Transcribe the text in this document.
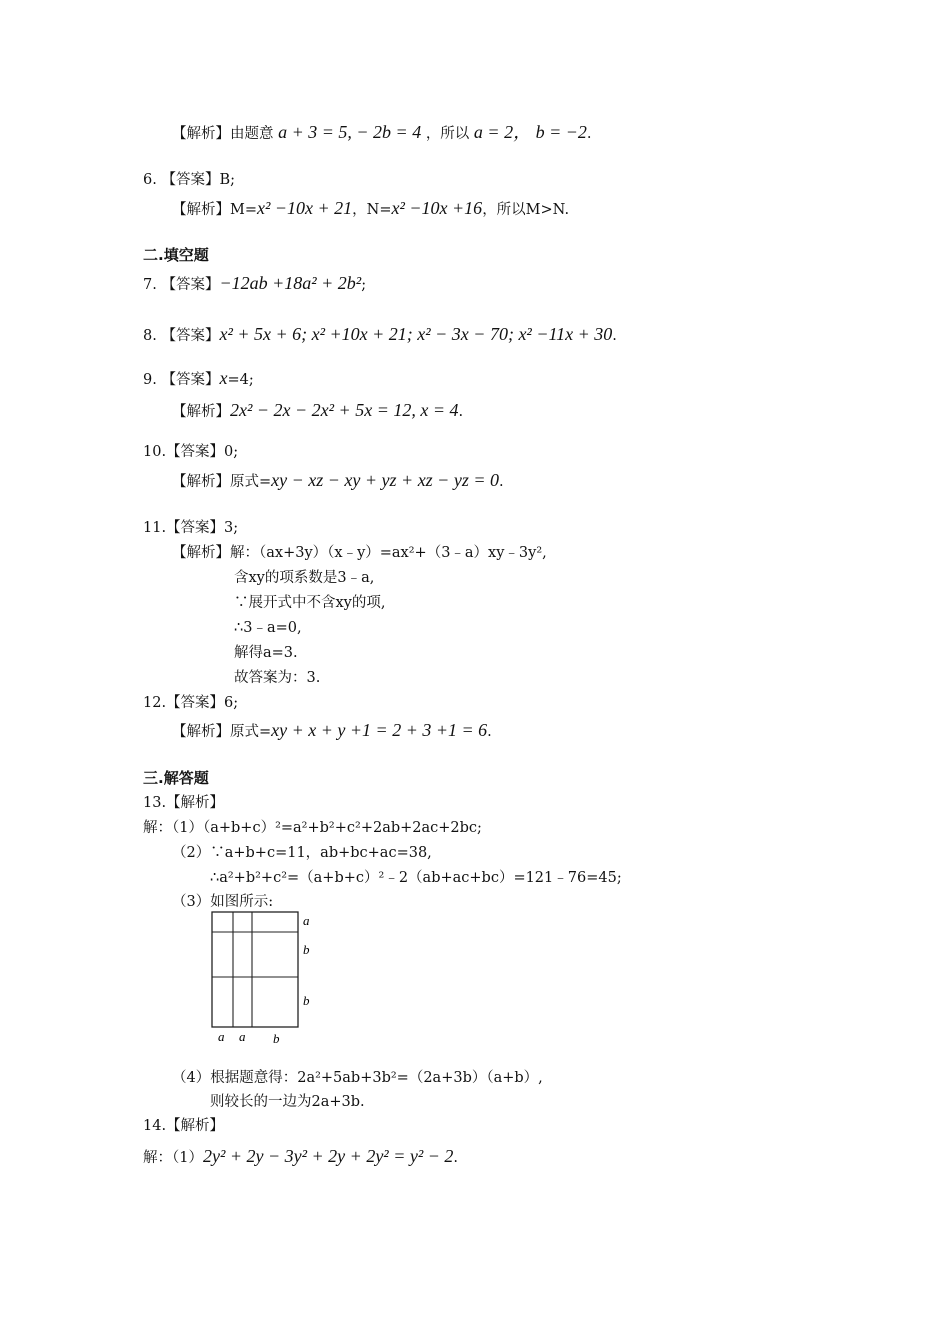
【解析】由题意 a + 3 = 5, − 2b = 4 ，所以 a = 2， b = −2.
6. 【答案】B;
【解析】M=x² −10x + 21，N=x² −10x +16，所以M>N.
二.填空题
7. 【答案】−12ab +18a² + 2b²;
8. 【答案】x² + 5x + 6; x² +10x + 21; x² − 3x − 70; x² −11x + 30.
9. 【答案】x=4;
【解析】2x² − 2x − 2x² + 5x = 12, x = 4.
10.【答案】0;
【解析】原式=xy − xz − xy + yz + xz − yz = 0.
11.【答案】3;
【解析】解：（ax+3y）（x﹣y）=ax²+（3﹣a）xy﹣3y²,
含xy的项系数是3﹣a,
∵展开式中不含xy的项,
∴3﹣a=0,
解得a=3.
故答案为：3.
12.【答案】6;
【解析】原式=xy + x + y +1 = 2 + 3 +1 = 6.
三.解答题
13.【解析】
解：（1）（a+b+c）²=a²+b²+c²+2ab+2ac+2bc;
（2）∵a+b+c=11，ab+bc+ac=38,
∴a²+b²+c²=（a+b+c）²﹣2（ab+ac+bc）=121﹣76=45;
（3）如图所示:
a
b
b
a a b
（4）根据题意得：2a²+5ab+3b²=（2a+3b）（a+b）,
则较长的一边为2a+3b.
14.【解析】
解：（1）2y² + 2y − 3y² + 2y + 2y² = y² − 2.
